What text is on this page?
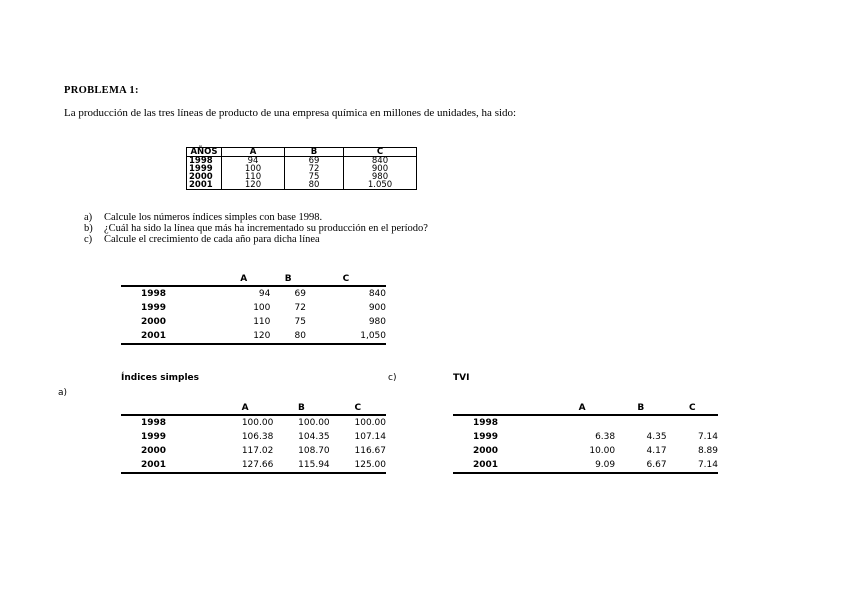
PROBLEMA 1:
La producción de las tres líneas de producto de una empresa química en millones de unidades, ha sido:
AÑOS	A	B	C
1998	94	69	840
1999	100	72	900
2000	110	75	980
2001	120	80	1.050
a) Calcule los números índices simples con base 1998.
b) ¿Cuál ha sido la línea que más ha incrementado su producción en el período?
c) Calcule el crecimiento de cada año para dicha línea
	A	B	C
1998	94	69	840
1999	100	72	900
2000	110	75	980
2001	120	80	1,050
Índices simples	c)	TVI
a)
	A	B	C
1998	100.00	100.00	100.00
1999	106.38	104.35	107.14
2000	117.02	108.70	116.67
2001	127.66	115.94	125.00
	A	B	C
1998			
1999	6.38	4.35	7.14
2000	10.00	4.17	8.89
2001	9.09	6.67	7.14
